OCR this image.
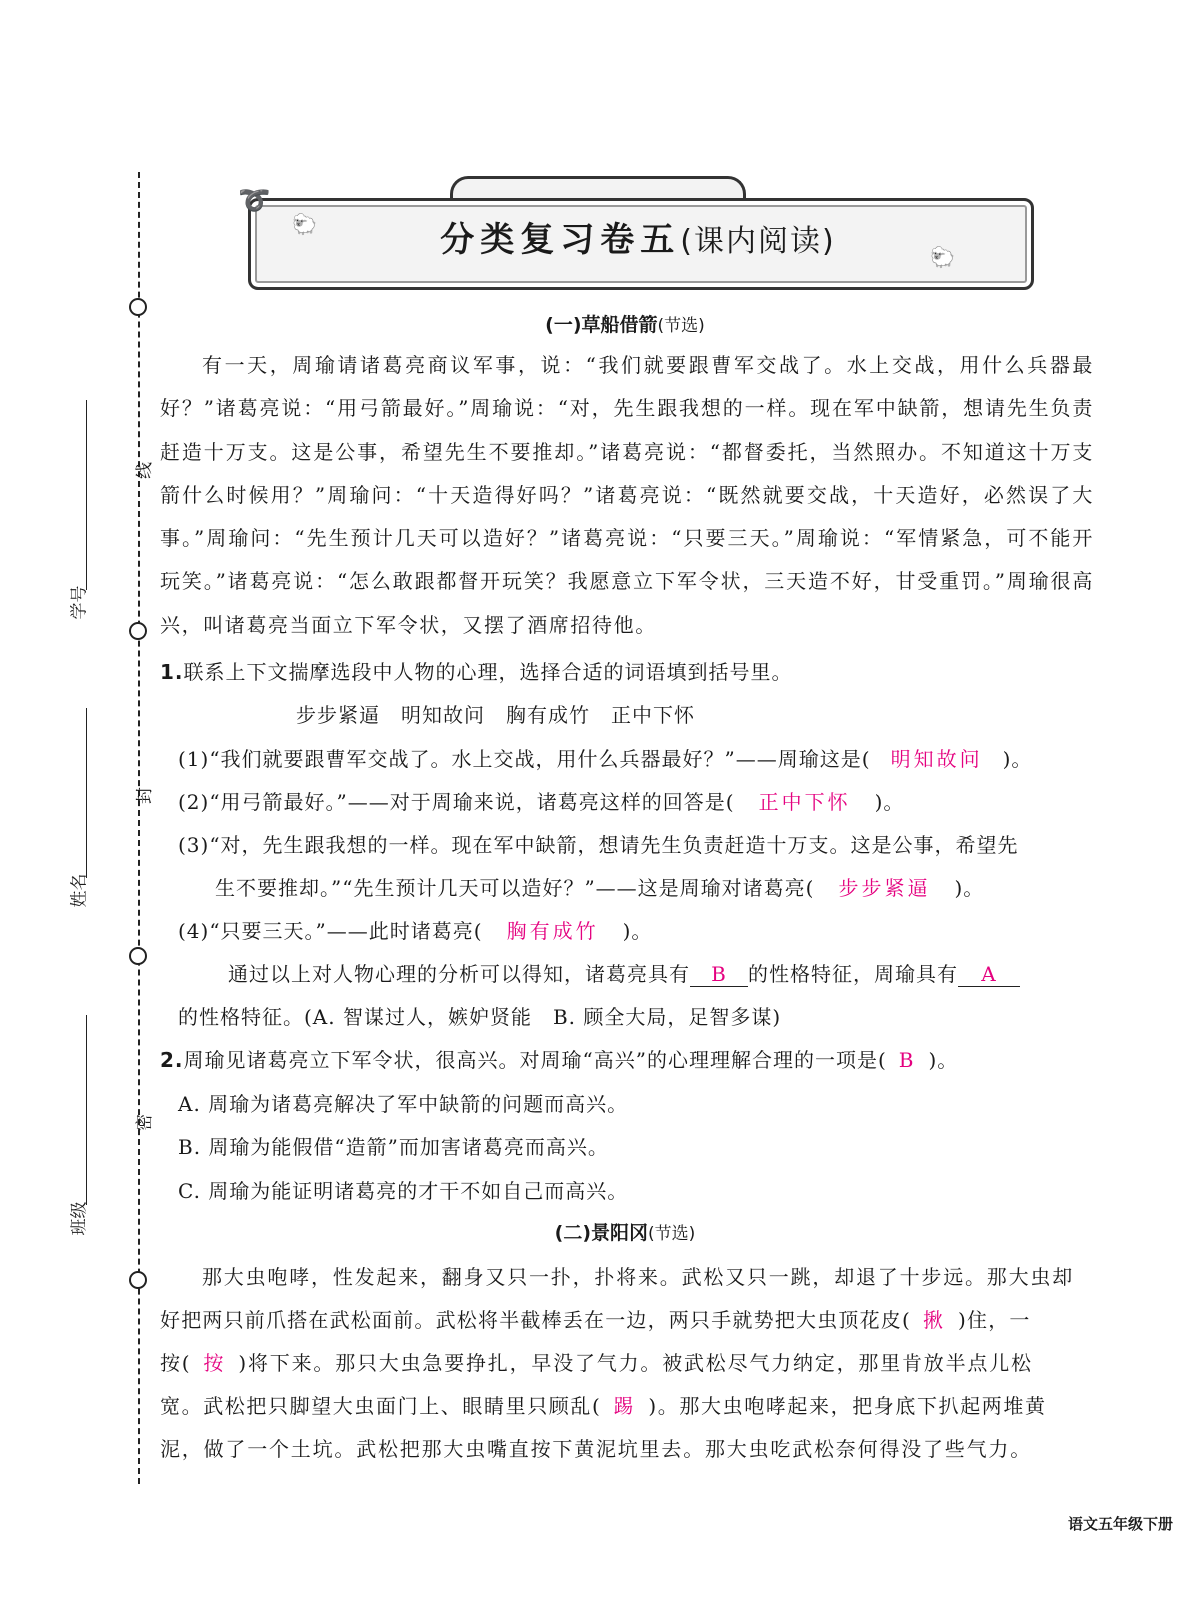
线
封
密
学号
姓名
班级
🐑
🐑
➰
分类复习卷五(课内阅读)
(一)草船借箭(节选)
有一天，周瑜请诸葛亮商议军事，说：“我们就要跟曹军交战了。水上交战，用什么兵器最好？”诸葛亮说：“用弓箭最好。”周瑜说：“对，先生跟我想的一样。现在军中缺箭，想请先生负责赶造十万支。这是公事，希望先生不要推却。”诸葛亮说：“都督委托，当然照办。不知道这十万支箭什么时候用？”周瑜问：“十天造得好吗？”诸葛亮说：“既然就要交战，十天造好，必然误了大事。”周瑜问：“先生预计几天可以造好？”诸葛亮说：“只要三天。”周瑜说：“军情紧急，可不能开玩笑。”诸葛亮说：“怎么敢跟都督开玩笑？我愿意立下军令状，三天造不好，甘受重罚。”周瑜很高兴，叫诸葛亮当面立下军令状，又摆了酒席招待他。
1.联系上下文揣摩选段中人物的心理，选择合适的词语填到括号里。
步步紧逼　明知故问　胸有成竹　正中下怀
(1)“我们就要跟曹军交战了。水上交战，用什么兵器最好？”——周瑜这是( 明知故问 )。
(2)“用弓箭最好。”——对于周瑜来说，诸葛亮这样的回答是( 正中下怀 )。
(3)“对，先生跟我想的一样。现在军中缺箭，想请先生负责赶造十万支。这是公事，希望先
生不要推却。”“先生预计几天可以造好？”——这是周瑜对诸葛亮( 步步紧逼 )。
(4)“只要三天。”——此时诸葛亮( 胸有成竹 )。
通过以上对人物心理的分析可以得知，诸葛亮具有 B 的性格特征，周瑜具有 A
的性格特征。(A. 智谋过人，嫉妒贤能　B. 顾全大局，足智多谋)
2.周瑜见诸葛亮立下军令状，很高兴。对周瑜“高兴”的心理理解合理的一项是( B )。
A. 周瑜为诸葛亮解决了军中缺箭的问题而高兴。
B. 周瑜为能假借“造箭”而加害诸葛亮而高兴。
C. 周瑜为能证明诸葛亮的才干不如自己而高兴。
(二)景阳冈(节选)
那大虫咆哮，性发起来，翻身又只一扑，扑将来。武松又只一跳，却退了十步远。那大虫却
好把两只前爪搭在武松面前。武松将半截棒丢在一边，两只手就势把大虫顶花皮( 揪 )住，一
按( 按 )将下来。那只大虫急要挣扎，早没了气力。被武松尽气力纳定，那里肯放半点儿松
宽。武松把只脚望大虫面门上、眼睛里只顾乱( 踢 )。那大虫咆哮起来，把身底下扒起两堆黄
泥，做了一个土坑。武松把那大虫嘴直按下黄泥坑里去。那大虫吃武松奈何得没了些气力。
语文五年级下册
